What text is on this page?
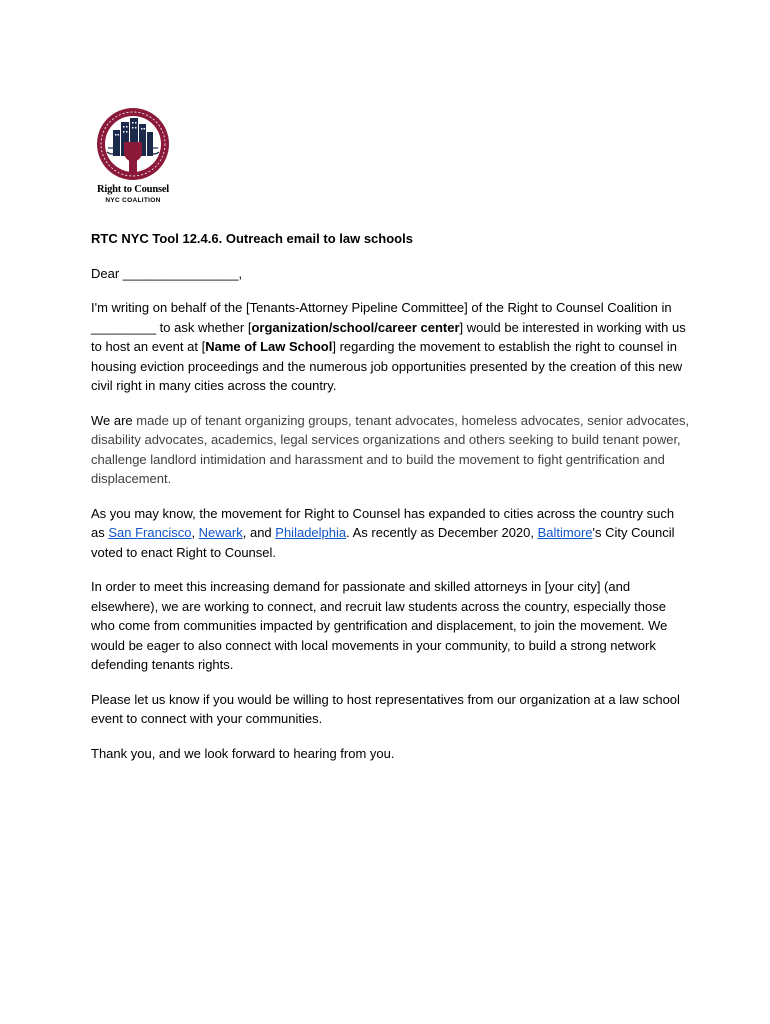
Right to Counsel
NYC COALITION
RTC NYC Tool 12.4.6. Outreach email to law schools

Dear ________________,

I'm writing on behalf of the [Tenants-Attorney Pipeline Committee] of the Right to Counsel Coalition in _________ to ask whether [organization/school/career center] would be interested in working with us to host an event at [Name of Law School] regarding the movement to establish the right to counsel in housing eviction proceedings and the numerous job opportunities presented by the creation of this new civil right in many cities across the country.

We are made up of tenant organizing groups, tenant advocates, homeless advocates, senior advocates, disability advocates, academics, legal services organizations and others seeking to build tenant power, challenge landlord intimidation and harassment and to build the movement to fight gentrification and displacement.

As you may know, the movement for Right to Counsel has expanded to cities across the country such as San Francisco, Newark, and Philadelphia. As recently as December 2020, Baltimore's City Council voted to enact Right to Counsel.

In order to meet this increasing demand for passionate and skilled attorneys in [your city] (and elsewhere), we are working to connect, and recruit law students across the country, especially those who come from communities impacted by gentrification and displacement, to join the movement. We would be eager to also connect with local movements in your community, to build a strong network defending tenants rights.

Please let us know if you would be willing to host representatives from our organization at a law school event to connect with your communities.

Thank you, and we look forward to hearing from you.
